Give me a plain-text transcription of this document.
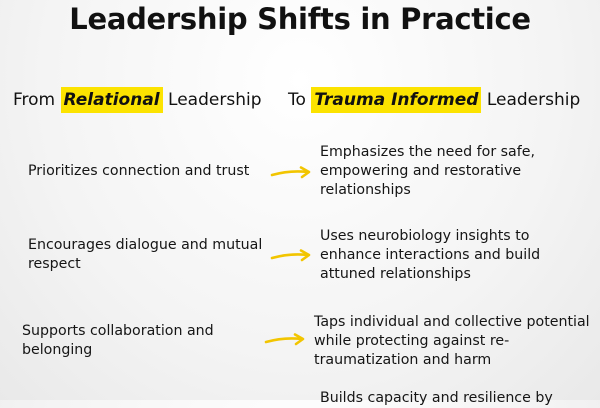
Leadership Shifts in Practice
From Relational Leadership To Trauma Informed Leadership
Prioritizes connection and trust
Emphasizes the need for safe, empowering and restorative relationships
Encourages dialogue and mutual respect
Uses neurobiology insights to enhance interactions and build attuned relationships
Supports collaboration and belonging
Taps individual and collective potential while protecting against re-traumatization and harm
Builds capacity and resilience by
